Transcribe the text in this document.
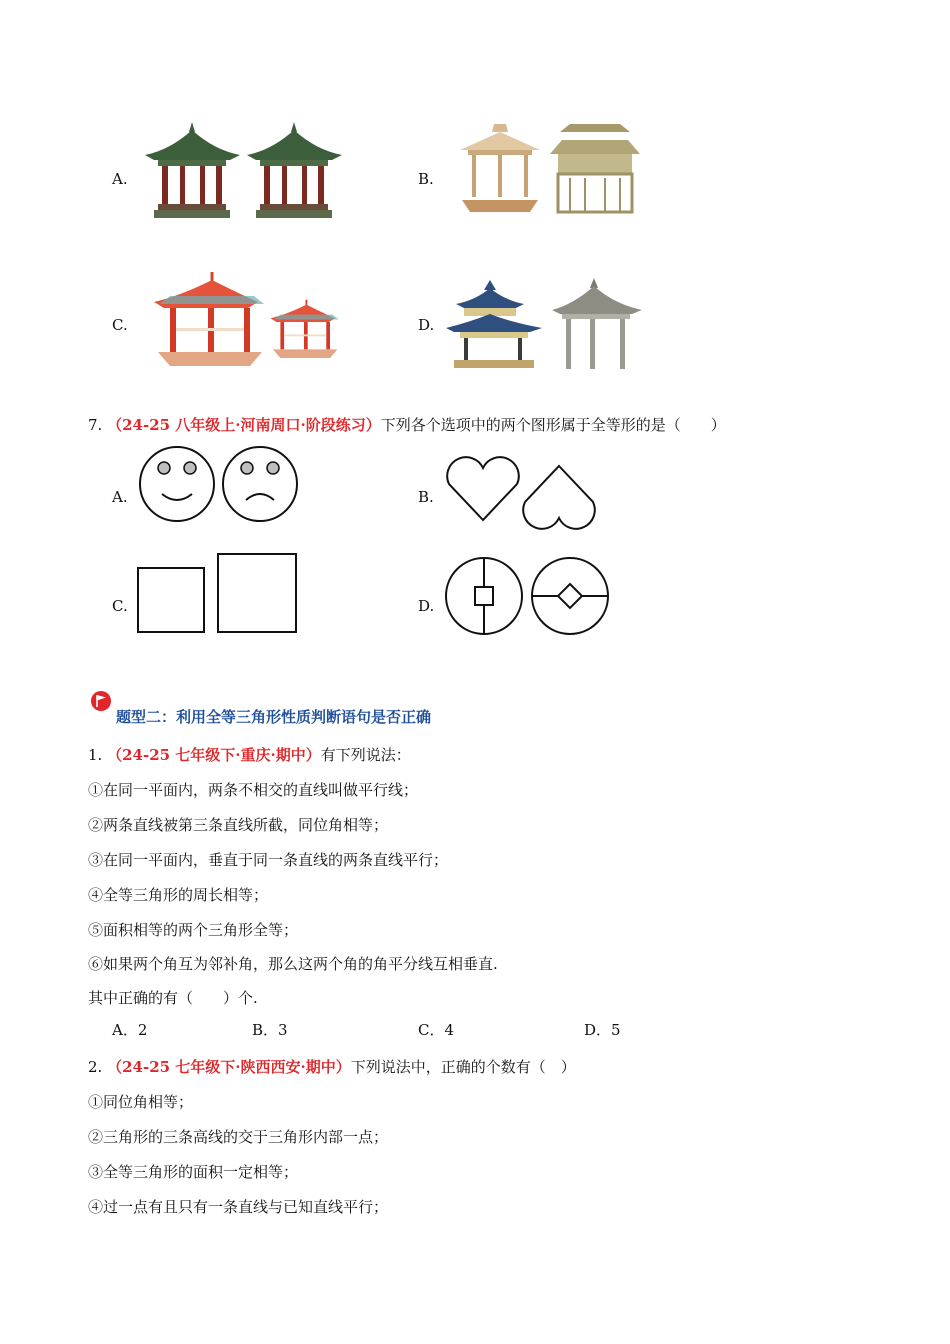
A.	B.
C.	D.
7. （24-25 八年级上·河南周口·阶段练习）下列各个选项中的两个图形属于全等形的是（　　）
A.	B.
C.	D.
题型二：利用全等三角形性质判断语句是否正确
1. （24-25 七年级下·重庆·期中）有下列说法：
①在同一平面内，两条不相交的直线叫做平行线；
②两条直线被第三条直线所截，同位角相等；
③在同一平面内，垂直于同一条直线的两条直线平行；
④全等三角形的周长相等；
⑤面积相等的两个三角形全等；
⑥如果两个角互为邻补角，那么这两个角的角平分线互相垂直.
其中正确的有（　　）个.
A．2	B．3	C．4	D．5
2. （24-25 七年级下·陕西西安·期中）下列说法中，正确的个数有（　）
①同位角相等；
②三角形的三条高线的交于三角形内部一点；
③全等三角形的面积一定相等；
④过一点有且只有一条直线与已知直线平行；
